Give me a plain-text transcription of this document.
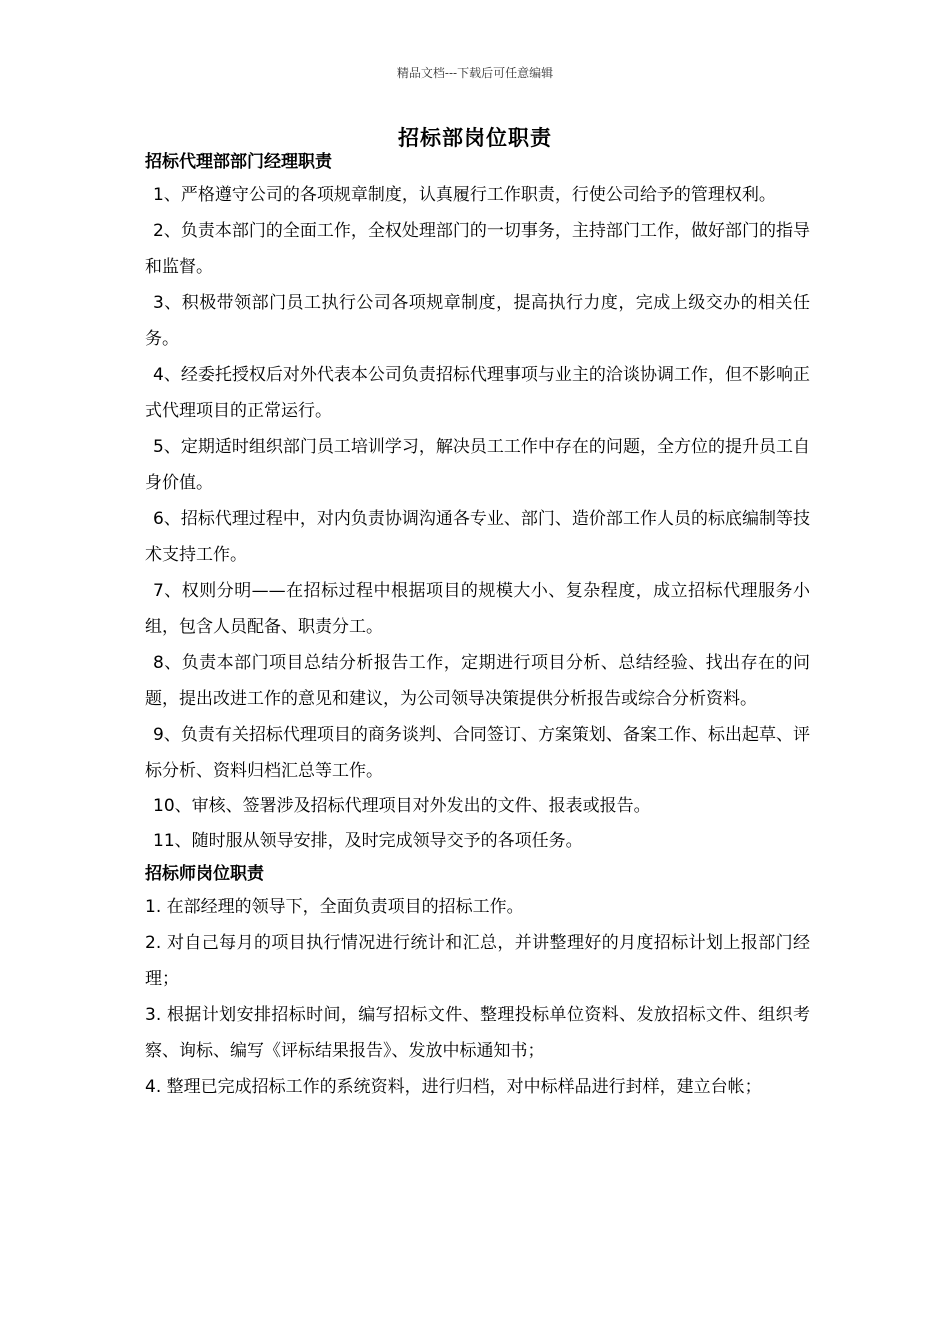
精品文档---下载后可任意编辑
招标部岗位职责

招标代理部部门经理职责

1、严格遵守公司的各项规章制度，认真履行工作职责，行使公司给予的管理权利。

2、负责本部门的全面工作，全权处理部门的一切事务，主持部门工作，做好部门的指导和监督。

3、积极带领部门员工执行公司各项规章制度，提高执行力度，完成上级交办的相关任务。

4、经委托授权后对外代表本公司负责招标代理事项与业主的洽谈协调工作，但不影响正式代理项目的正常运行。

5、定期适时组织部门员工培训学习，解决员工工作中存在的问题，全方位的提升员工自身价值。

6、招标代理过程中，对内负责协调沟通各专业、部门、造价部工作人员的标底编制等技术支持工作。

7、权则分明——在招标过程中根据项目的规模大小、复杂程度，成立招标代理服务小组，包含人员配备、职责分工。

8、负责本部门项目总结分析报告工作，定期进行项目分析、总结经验、找出存在的问题，提出改进工作的意见和建议，为公司领导决策提供分析报告或综合分析资料。

9、负责有关招标代理项目的商务谈判、合同签订、方案策划、备案工作、标出起草、评标分析、资料归档汇总等工作。

10、审核、签署涉及招标代理项目对外发出的文件、报表或报告。

11、随时服从领导安排，及时完成领导交予的各项任务。

招标师岗位职责

1. 在部经理的领导下，全面负责项目的招标工作。

2. 对自己每月的项目执行情况进行统计和汇总，并讲整理好的月度招标计划上报部门经理；

3. 根据计划安排招标时间，编写招标文件、整理投标单位资料、发放招标文件、组织考察、询标、编写《评标结果报告》、发放中标通知书；

4. 整理已完成招标工作的系统资料，进行归档，对中标样品进行封样，建立台帐；
